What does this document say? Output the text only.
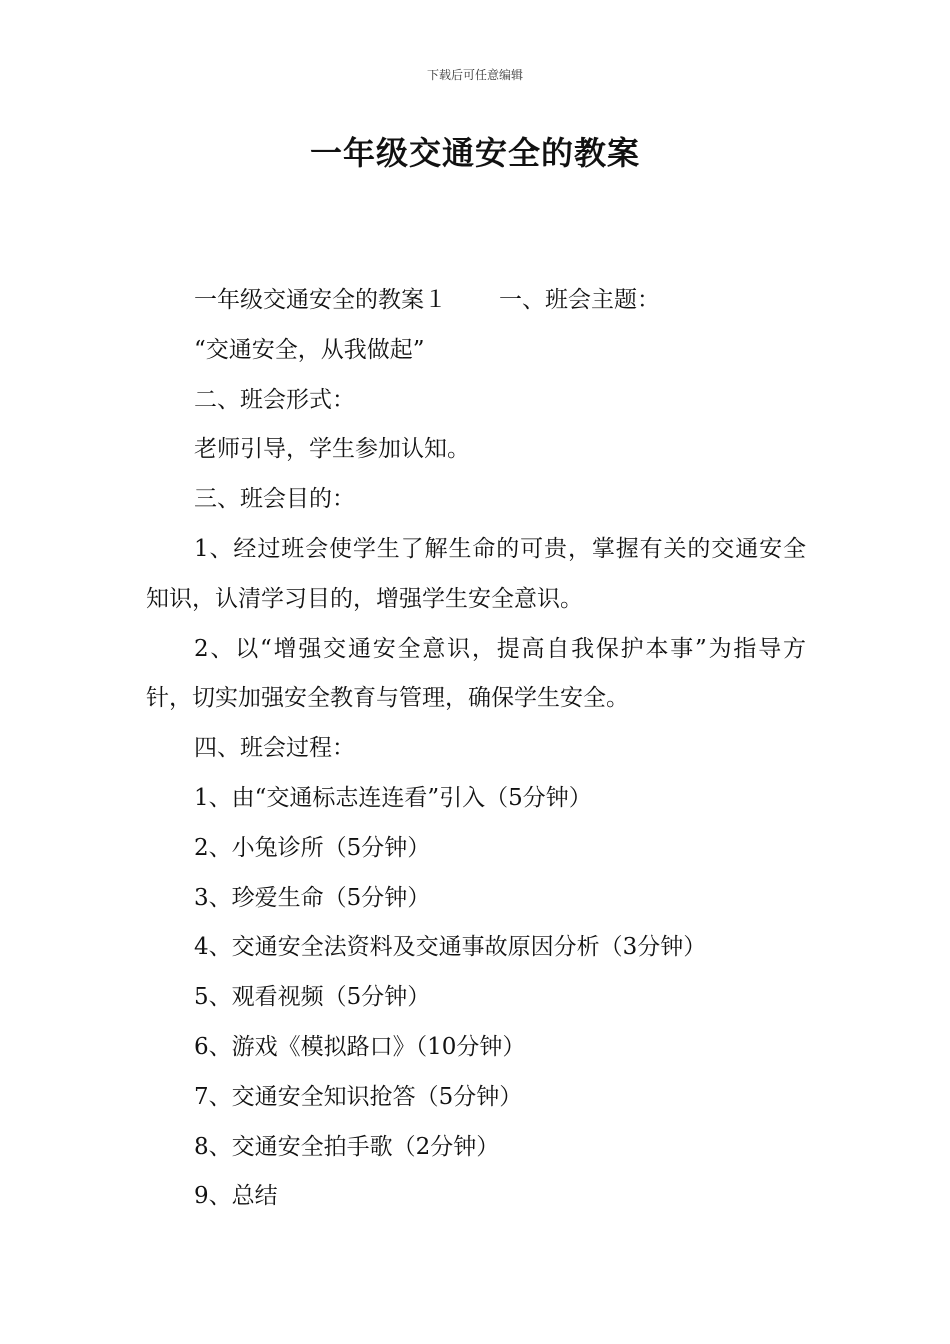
下载后可任意编辑
一年级交通安全的教案

一年级交通安全的教案１ 一、班会主题：

“交通安全，从我做起”

二、班会形式：

老师引导，学生参加认知。

三、班会目的：

1、经过班会使学生了解生命的可贵，掌握有关的交通安全知识，认清学习目的，增强学生安全意识。

2、以“增强交通安全意识，提高自我保护本事”为指导方针，切实加强安全教育与管理，确保学生安全。

四、班会过程：

1、由“交通标志连连看”引入（5分钟）

2、小兔诊所（5分钟）

3、珍爱生命（5分钟）

4、交通安全法资料及交通事故原因分析（3分钟）

5、观看视频（5分钟）

6、游戏《模拟路口》（10分钟）

7、交通安全知识抢答（5分钟）

8、交通安全拍手歌（2分钟）

9、总结
